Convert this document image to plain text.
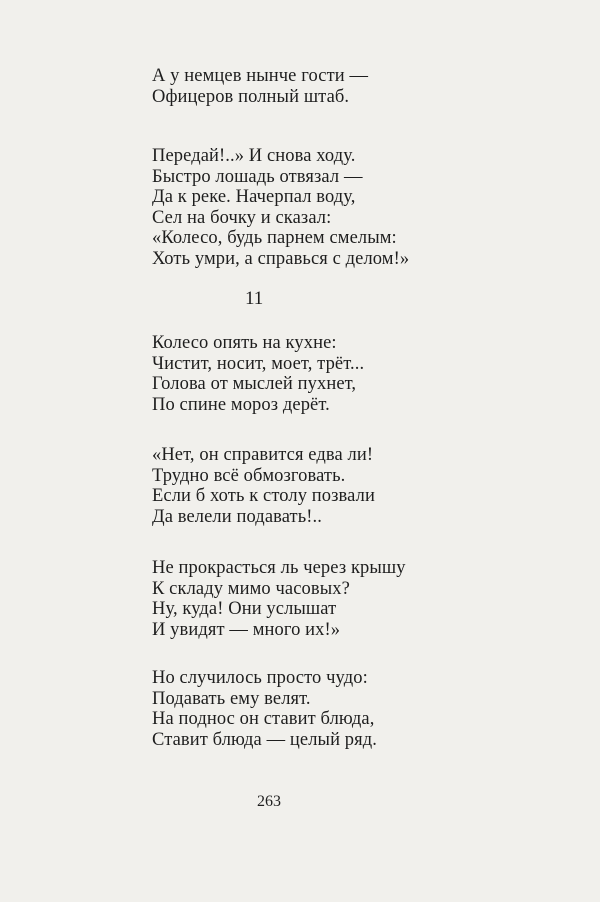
А у немцев нынче гости —
Офицеров полный штаб.
Передай!..» И снова ходу.
Быстро лошадь отвязал —
Да к реке. Начерпал воду,
Сел на бочку и сказал:
«Колесо, будь парнем смелым:
Хоть умри, а справься с делом!»
11
Колесо опять на кухне:
Чистит, носит, моет, трёт...
Голова от мыслей пухнет,
По спине мороз дерёт.
«Нет, он справится едва ли!
Трудно всё обмозговать.
Если б хоть к столу позвали
Да велели подавать!..
Не прокрасться ль через крышу
К складу мимо часовых?
Ну, куда! Они услышат
И увидят — много их!»
Но случилось просто чудо:
Подавать ему велят.
На поднос он ставит блюда,
Ставит блюда — целый ряд.
263
